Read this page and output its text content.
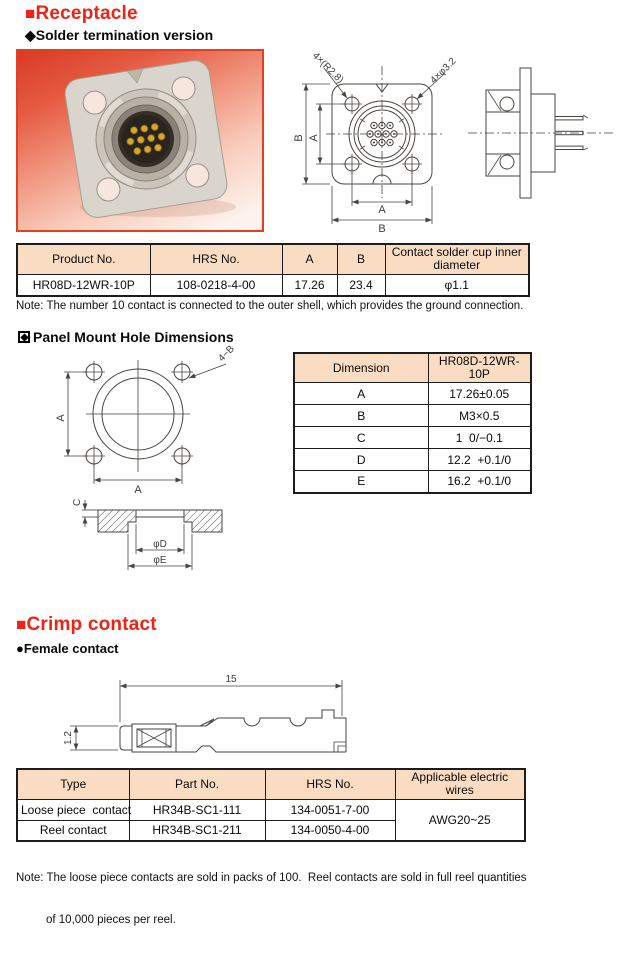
■Receptacle
◆Solder termination version
B A
A
B
4×(R2.8)	4×φ3.2
Product No.	HRS No.	A	B	Contact solder cup inner diameter
HR08D-12WR-10P	108-0218-4-00	17.26	23.4	φ1.1
Note: The number 10 contact is connected to the outer shell, which provides the ground connection.
Panel Mount Hole Dimensions
A
A
4−B
Dimension	HR08D-12WR-10P
A	17.26±0.05
B	M3×0.5
C	1  0/−0.1
D	12.2  +0.1/0
E	16.2  +0.1/0
C
φD
φE
■Crimp contact
●Female contact
15
1.2
Type	Part No.	HRS No.	Applicable electric wires
Loose piece  contact	HR34B-SC1-111	134-0051-7-00	AWG20~25
Reel contact	HR34B-SC1-211	134-0050-4-00	

Note: The loose piece contacts are sold in packs of 100.  Reel contacts are sold in full reel quantities

of 10,000 pieces per reel.
